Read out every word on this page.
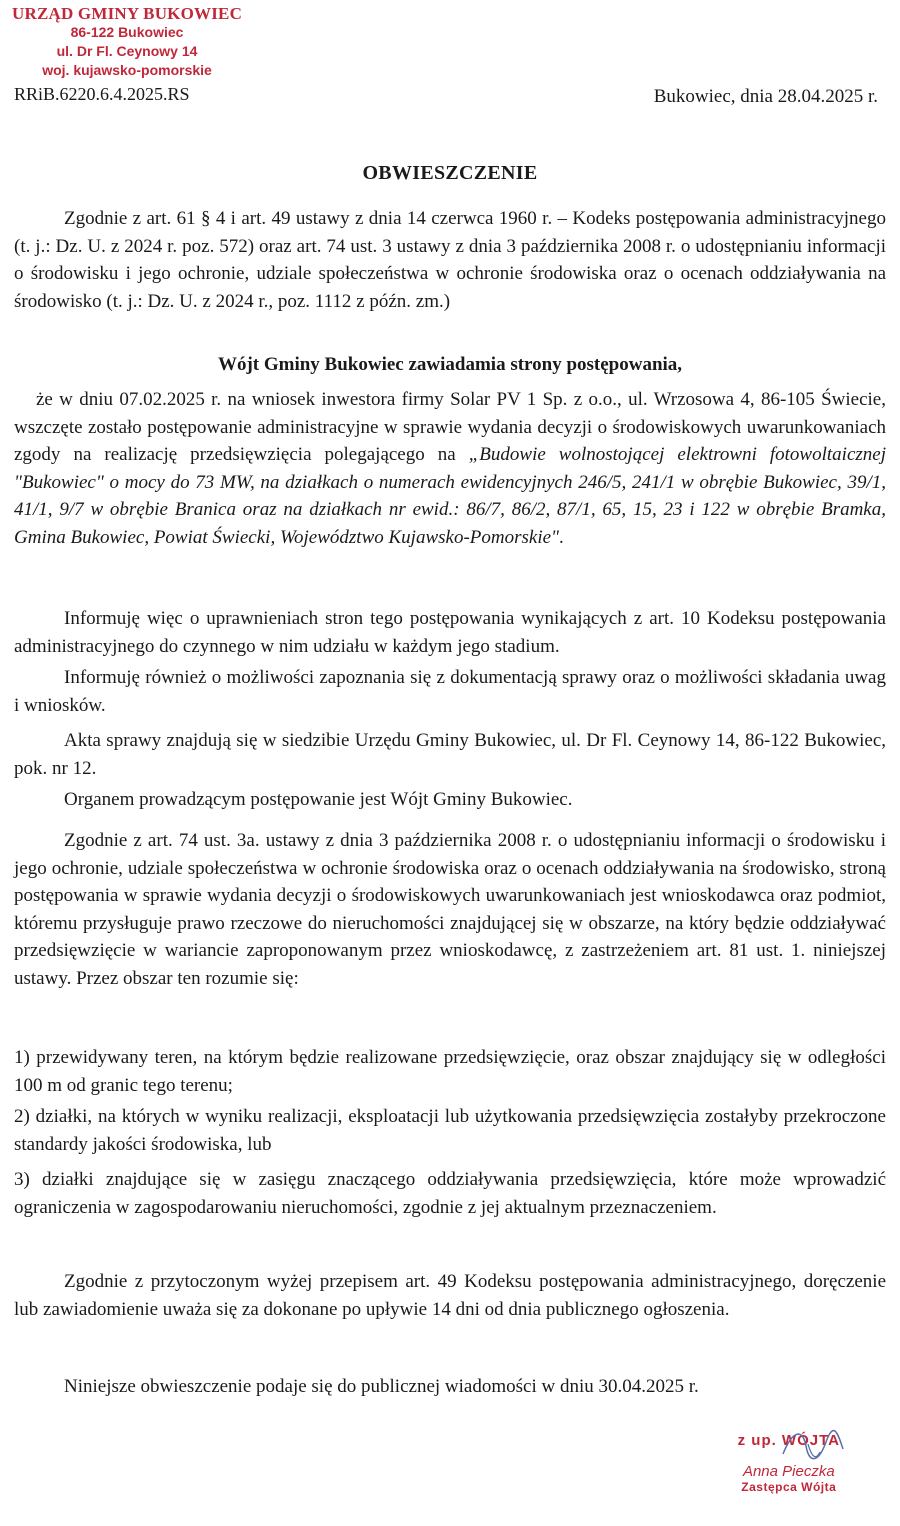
URZĄD GMINY BUKOWIEC
86-122 Bukowiec
ul. Dr Fl. Ceynowy 14
woj. kujawsko-pomorskie
RRiB.6220.6.4.2025.RS	Bukowiec, dnia 28.04.2025 r.
OBWIESZCZENIE

Zgodnie z art. 61 § 4 i art. 49 ustawy z dnia 14 czerwca 1960 r. – Kodeks postępowania administracyjnego (t. j.: Dz. U. z 2024 r. poz. 572) oraz art. 74 ust. 3 ustawy z dnia 3 października 2008 r. o udostępnianiu informacji o środowisku i jego ochronie, udziale społeczeństwa w ochronie środowiska oraz o ocenach oddziaływania na środowisko (t. j.: Dz. U. z 2024 r., poz. 1112 z późn. zm.)

Wójt Gminy Bukowiec zawiadamia strony postępowania,

że w dniu 07.02.2025 r. na wniosek inwestora firmy Solar PV 1 Sp. z o.o., ul. Wrzosowa 4, 86-105 Świecie, wszczęte zostało postępowanie administracyjne w sprawie wydania decyzji o środowiskowych uwarunkowaniach zgody na realizację przedsięwzięcia polegającego na „Budowie wolnostojącej elektrowni fotowoltaicznej "Bukowiec" o mocy do 73 MW, na działkach o numerach ewidencyjnych 246/5, 241/1 w obrębie Bukowiec, 39/1, 41/1, 9/7 w obrębie Branica oraz na działkach nr ewid.: 86/7, 86/2, 87/1, 65, 15, 23 i 122 w obrębie Bramka, Gmina Bukowiec, Powiat Świecki, Województwo Kujawsko-Pomorskie".

Informuję więc o uprawnieniach stron tego postępowania wynikających z art. 10 Kodeksu postępowania administracyjnego do czynnego w nim udziału w każdym jego stadium.

Informuję również o możliwości zapoznania się z dokumentacją sprawy oraz o możliwości składania uwag i wniosków.

Akta sprawy znajdują się w siedzibie Urzędu Gminy Bukowiec, ul. Dr Fl. Ceynowy 14, 86-122 Bukowiec, pok. nr 12.

Organem prowadzącym postępowanie jest Wójt Gminy Bukowiec.

Zgodnie z art. 74 ust. 3a. ustawy z dnia 3 października 2008 r. o udostępnianiu informacji o środowisku i jego ochronie, udziale społeczeństwa w ochronie środowiska oraz o ocenach oddziaływania na środowisko, stroną postępowania w sprawie wydania decyzji o środowiskowych uwarunkowaniach jest wnioskodawca oraz podmiot, któremu przysługuje prawo rzeczowe do nieruchomości znajdującej się w obszarze, na który będzie oddziaływać przedsięwzięcie w wariancie zaproponowanym przez wnioskodawcę, z zastrzeżeniem art. 81 ust. 1. niniejszej ustawy. Przez obszar ten rozumie się:

1) przewidywany teren, na którym będzie realizowane przedsięwzięcie, oraz obszar znajdujący się w odległości 100 m od granic tego terenu;

2) działki, na których w wyniku realizacji, eksploatacji lub użytkowania przedsięwzięcia zostałyby przekroczone standardy jakości środowiska, lub

3) działki znajdujące się w zasięgu znaczącego oddziaływania przedsięwzięcia, które może wprowadzić ograniczenia w zagospodarowaniu nieruchomości, zgodnie z jej aktualnym przeznaczeniem.

Zgodnie z przytoczonym wyżej przepisem art. 49 Kodeksu postępowania administracyjnego, doręczenie lub zawiadomienie uważa się za dokonane po upływie 14 dni od dnia publicznego ogłoszenia.

Niniejsze obwieszczenie podaje się do publicznej wiadomości w dniu 30.04.2025 r.

z up. WÓJTA
Anna Pieczka
Zastępca Wójta
